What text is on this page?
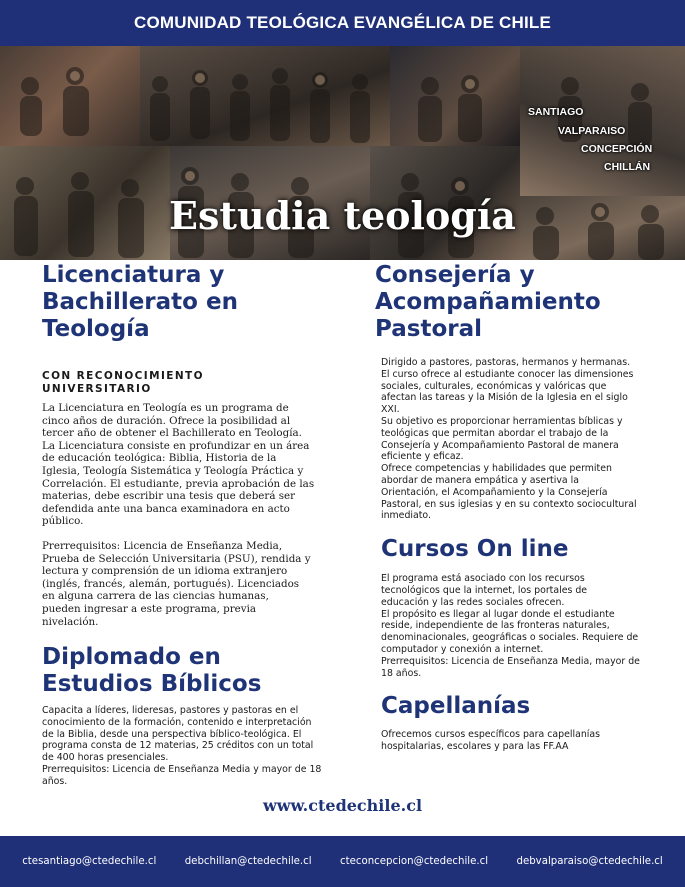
COMUNIDAD TEOLÓGICA EVANGÉLICA DE CHILE
SANTIAGO
VALPARAISO
CONCEPCIÓN
CHILLÁN
Estudia teología
Licenciatura y
Bachillerato en
Teología
CON RECONOCIMIENTO
UNIVERSITARIO

La Licenciatura en Teología es un programa de
cinco años de duración. Ofrece la posibilidad al
tercer año de obtener el Bachillerato en Teología.
La Licenciatura consiste en profundizar en un área
de educación teológica: Biblia, Historia de la
Iglesia, Teología Sistemática y Teología Práctica y
Correlación. El estudiante, previa aprobación de las
materias, debe escribir una tesis que deberá ser
defendida ante una banca examinadora en acto
público.

Prerrequisitos: Licencia de Enseñanza Media,
Prueba de Selección Universitaria (PSU), rendida y
lectura y comprensión de un idioma extranjero
(inglés, francés, alemán, portugués). Licenciados
en alguna carrera de las ciencias humanas,
pueden ingresar a este programa, previa
nivelación.

Diplomado en
Estudios Bíblicos
Capacita a líderes, lideresas, pastores y pastoras en el
conocimiento de la formación, contenido e interpretación
de la Biblia, desde una perspectiva bíblico-teológica. El
programa consta de 12 materias, 25 créditos con un total
de 400 horas presenciales.
Prerrequisitos: Licencia de Enseñanza Media y mayor de 18
años.
Consejería y
Acompañamiento
Pastoral
Dirigido a pastores, pastoras, hermanos y hermanas.
El curso ofrece al estudiante conocer las dimensiones
sociales, culturales, económicas y valóricas que
afectan las tareas y la Misión de la Iglesia en el siglo
XXI.
Su objetivo es proporcionar herramientas bíblicas y
teológicas que permitan abordar el trabajo de la
Consejería y Acompañamiento Pastoral de manera
eficiente y eficaz.
Ofrece competencias y habilidades que permiten
abordar de manera empática y asertiva la
Orientación, el Acompañamiento y la Consejería
Pastoral, en sus iglesias y en su contexto sociocultural
inmediato.
Cursos On line
El programa está asociado con los recursos
tecnológicos que la internet, los portales de
educación y las redes sociales ofrecen.
El propósito es llegar al lugar donde el estudiante
reside, independiente de las fronteras naturales,
denominacionales, geográficas o sociales. Requiere de
computador y conexión a internet.
Prerrequisitos: Licencia de Enseñanza Media, mayor de
18 años.
Capellanías
Ofrecemos cursos específicos para capellanías
hospitalarias, escolares y para las FF.AA
www.ctedechile.cl
ctesantiago@ctedechile.cl	debchillan@ctedechile.cl	cteconcepcion@ctedechile.cl	debvalparaiso@ctedechile.cl
